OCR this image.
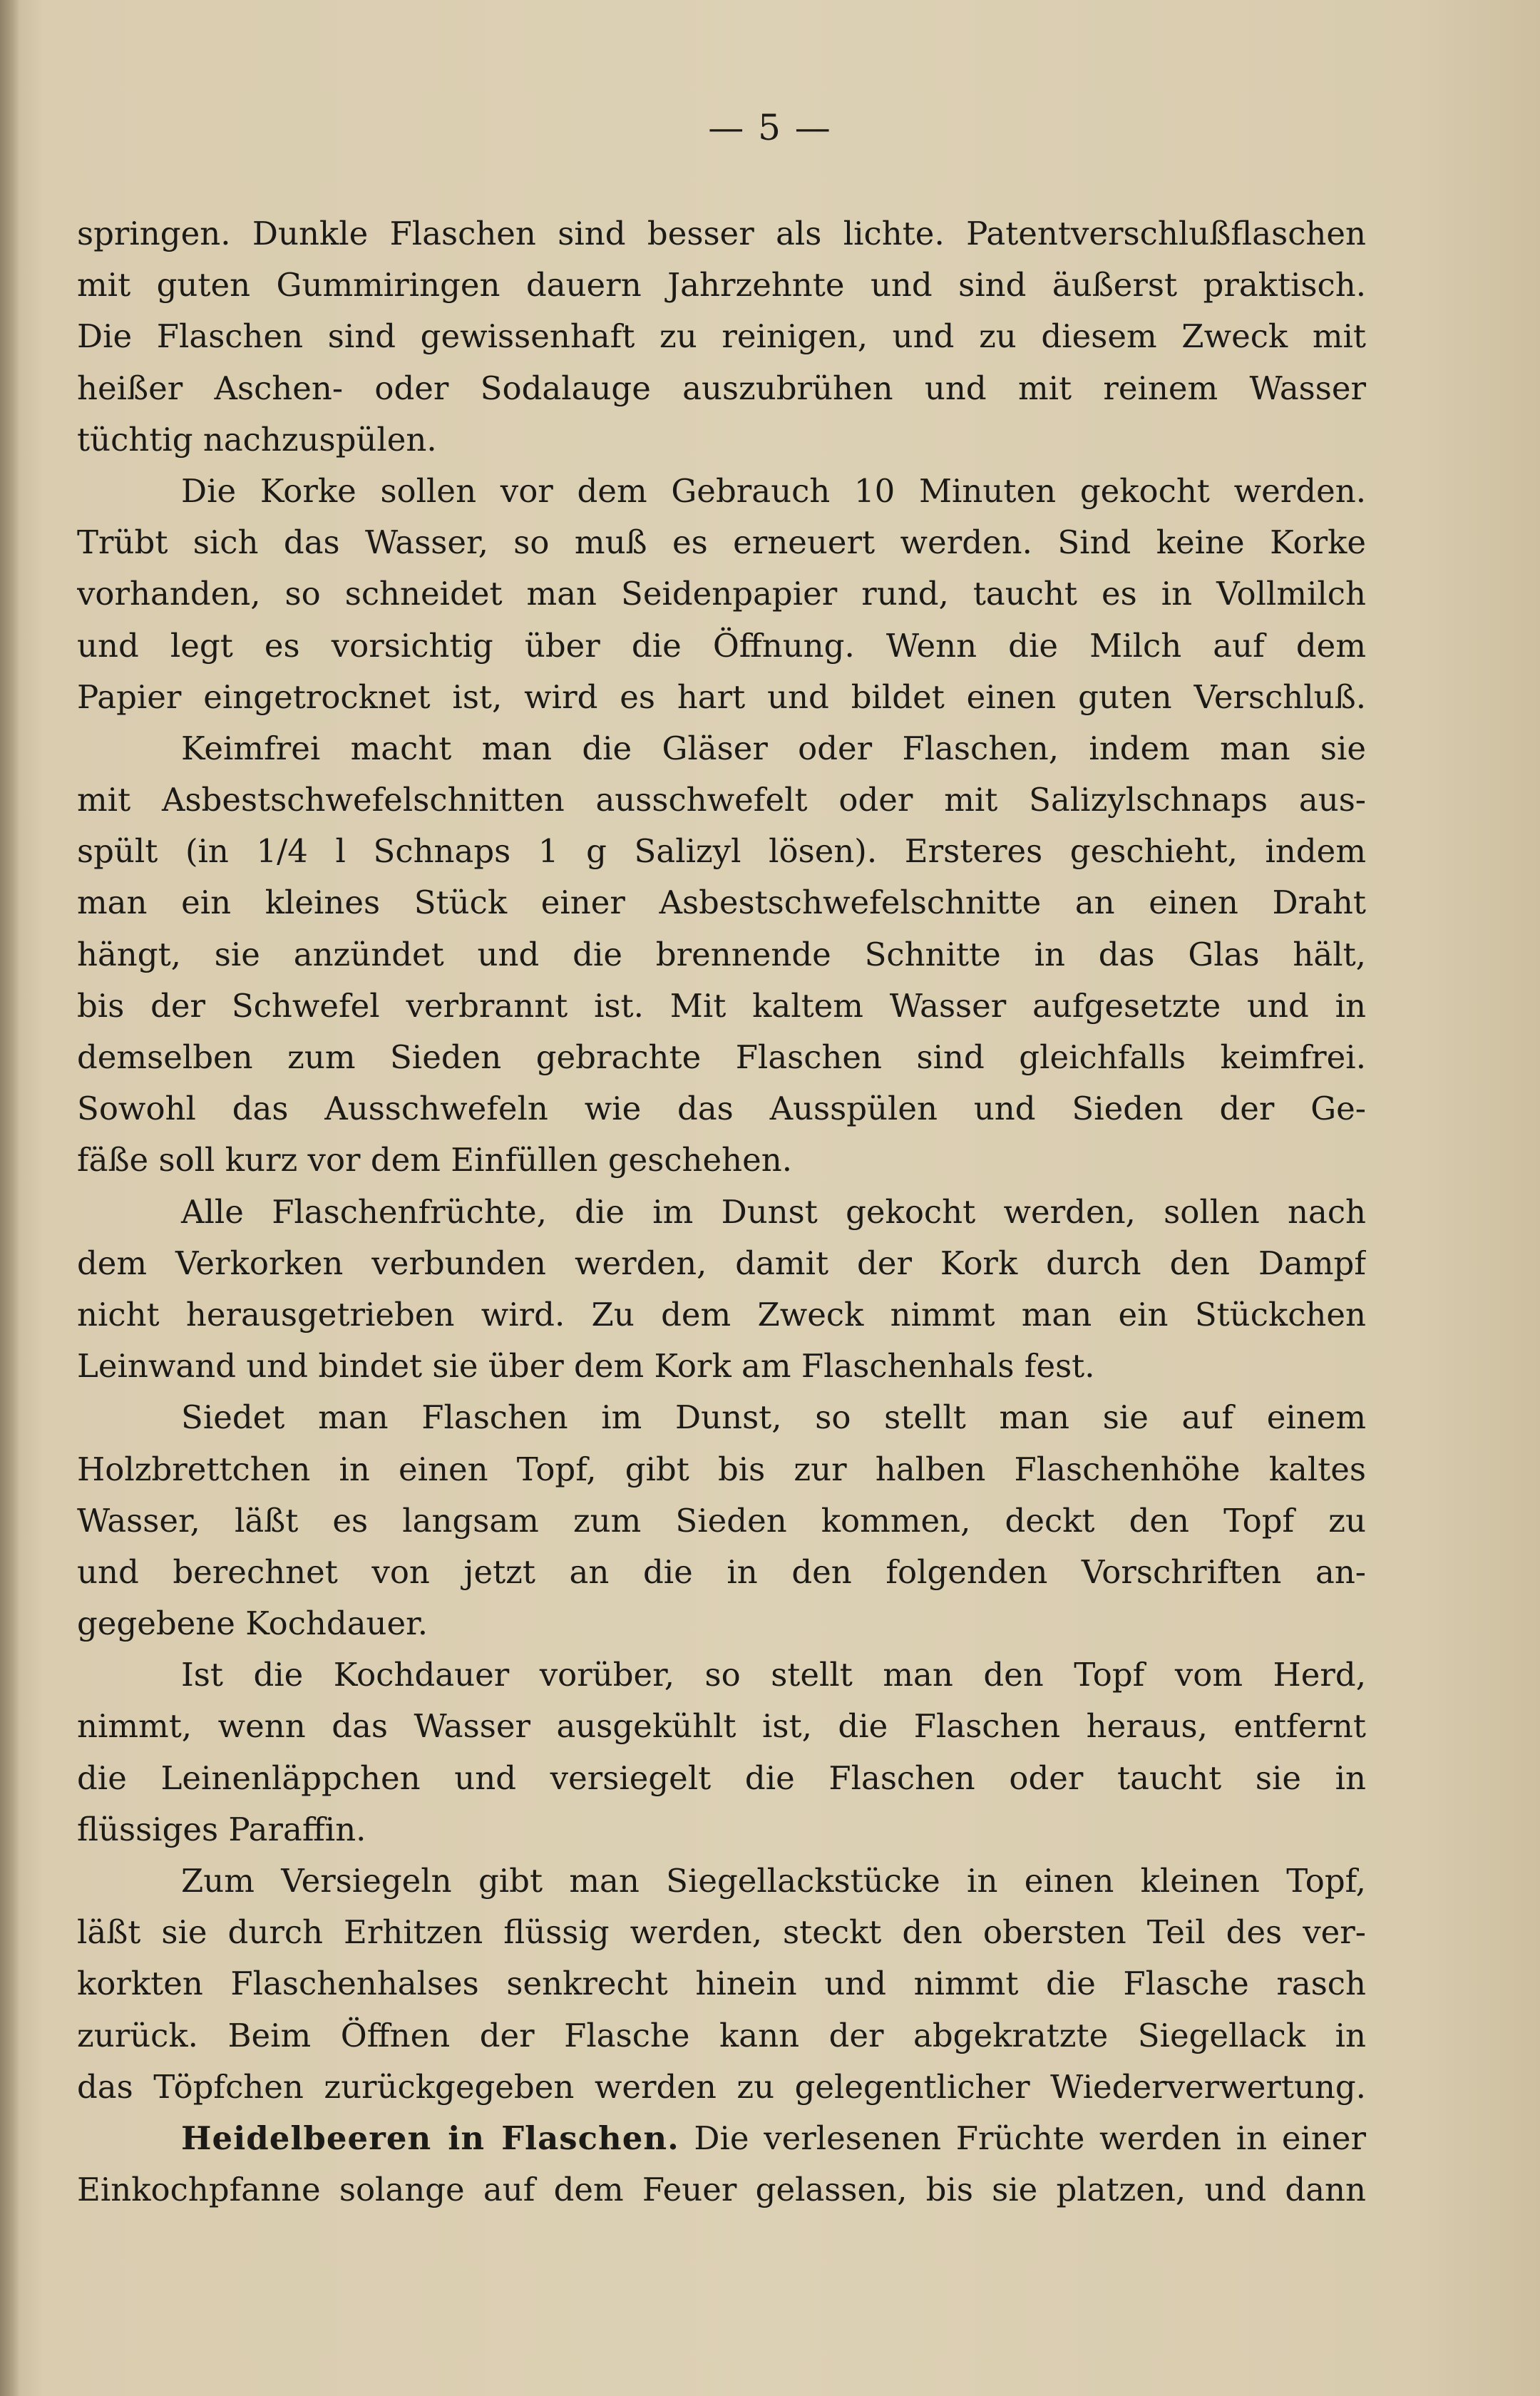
— 5 —
springen. Dunkle Flaschen sind besser als lichte. Patentverschlußflaschen
mit guten Gummiringen dauern Jahrzehnte und sind äußerst praktisch.
Die Flaschen sind gewissenhaft zu reinigen, und zu diesem Zweck mit
heißer Aschen- oder Sodalauge auszubrühen und mit reinem Wasser
tüchtig nachzuspülen.
Die Korke sollen vor dem Gebrauch 10 Minuten gekocht werden.
Trübt sich das Wasser, so muß es erneuert werden. Sind keine Korke
vorhanden, so schneidet man Seidenpapier rund, taucht es in Vollmilch
und legt es vorsichtig über die Öffnung. Wenn die Milch auf dem
Papier eingetrocknet ist, wird es hart und bildet einen guten Verschluß.
Keimfrei macht man die Gläser oder Flaschen, indem man sie
mit Asbestschwefelschnitten ausschwefelt oder mit Salizylschnaps aus-
spült (in 1/4 l Schnaps 1 g Salizyl lösen). Ersteres geschieht, indem
man ein kleines Stück einer Asbestschwefelschnitte an einen Draht
hängt, sie anzündet und die brennende Schnitte in das Glas hält,
bis der Schwefel verbrannt ist. Mit kaltem Wasser aufgesetzte und in
demselben zum Sieden gebrachte Flaschen sind gleichfalls keimfrei.
Sowohl das Ausschwefeln wie das Ausspülen und Sieden der Ge-
fäße soll kurz vor dem Einfüllen geschehen.
Alle Flaschenfrüchte, die im Dunst gekocht werden, sollen nach
dem Verkorken verbunden werden, damit der Kork durch den Dampf
nicht herausgetrieben wird. Zu dem Zweck nimmt man ein Stückchen
Leinwand und bindet sie über dem Kork am Flaschenhals fest.
Siedet man Flaschen im Dunst, so stellt man sie auf einem
Holzbrettchen in einen Topf, gibt bis zur halben Flaschenhöhe kaltes
Wasser, läßt es langsam zum Sieden kommen, deckt den Topf zu
und berechnet von jetzt an die in den folgenden Vorschriften an-
gegebene Kochdauer.
Ist die Kochdauer vorüber, so stellt man den Topf vom Herd,
nimmt, wenn das Wasser ausgekühlt ist, die Flaschen heraus, entfernt
die Leinenläppchen und versiegelt die Flaschen oder taucht sie in
flüssiges Paraffin.
Zum Versiegeln gibt man Siegellackstücke in einen kleinen Topf,
läßt sie durch Erhitzen flüssig werden, steckt den obersten Teil des ver-
korkten Flaschenhalses senkrecht hinein und nimmt die Flasche rasch
zurück. Beim Öffnen der Flasche kann der abgekratzte Siegellack in
das Töpfchen zurückgegeben werden zu gelegentlicher Wiederverwertung.
Heidelbeeren in Flaschen. Die verlesenen Früchte werden in einer
Einkochpfanne solange auf dem Feuer gelassen, bis sie platzen, und dann
